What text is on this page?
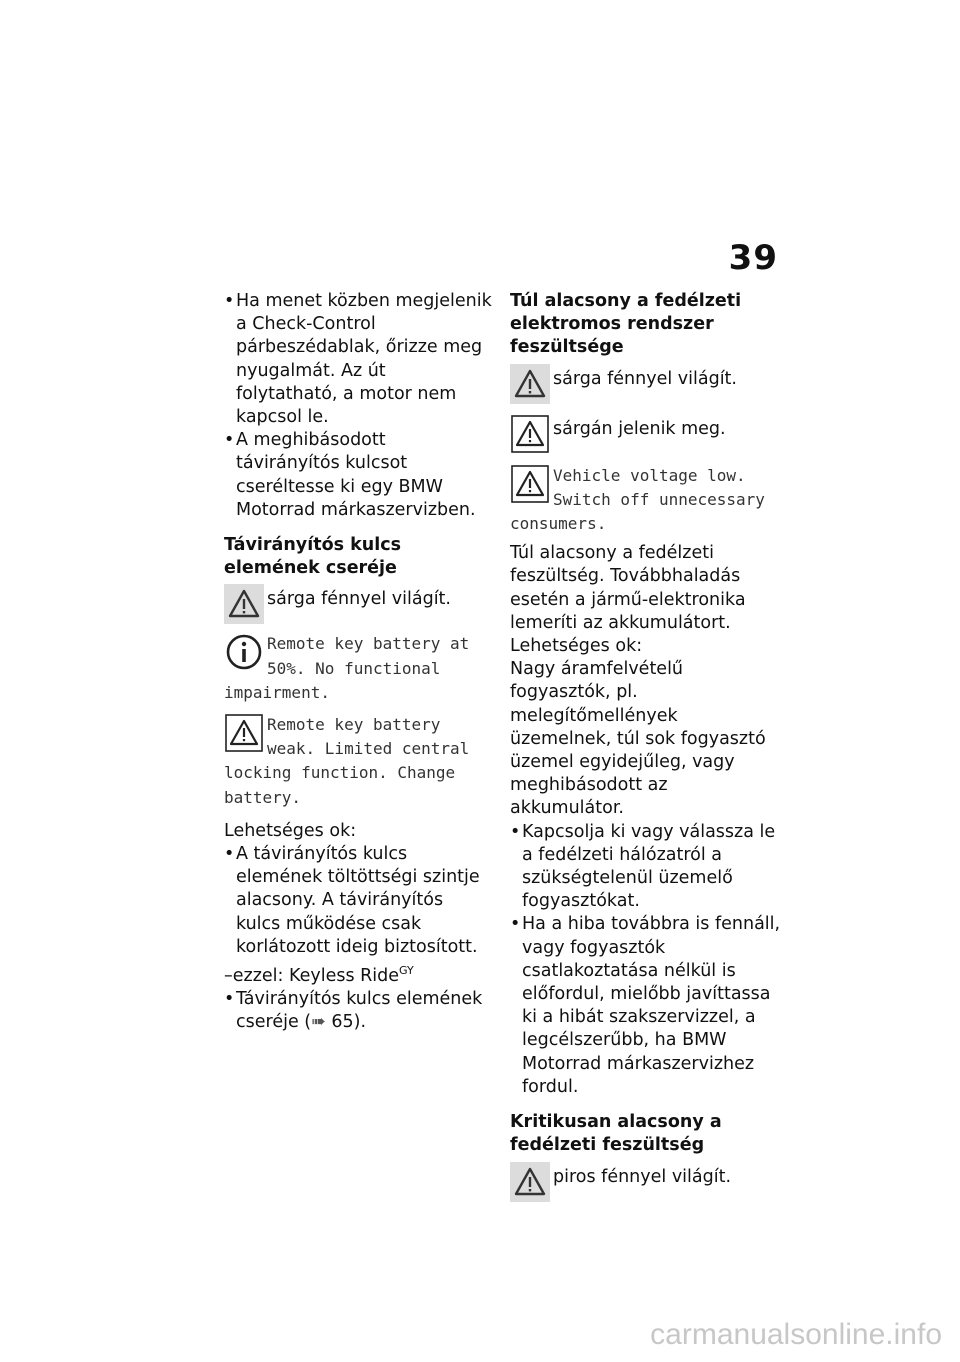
39

• Ha menet közben megjelenik a Check-Control párbeszédablak, őrizze meg nyugalmát. Az út folytatható, a motor nem kapcsol le.

• A meghibásodott távirányítós kulcsot cseréltesse ki egy BMW Motorrad márkaszervizben.

Távirányítós kulcs elemének cseréje

sárga fénnyel világít.
Remote key battery at 50%. No functional impairment.
Remote key battery weak. Limited central locking function. Change battery.

Lehetséges ok:

• A távirányítós kulcs elemének töltöttségi szintje alacsony. A távirányítós kulcs működése csak korlátozott ideig biztosított.

–ezzel: Keyless Ride$^{GY}$

• Távirányítós kulcs elemének cseréje (➠ 65).

Túl alacsony a fedélzeti elektromos rendszer feszültsége

sárga fénnyel világít.
sárgán jelenik meg.
Vehicle voltage low. Switch off unnecessary consumers.

Túl alacsony a fedélzeti feszültség. Továbbhaladás esetén a jármű-elektronika lemeríti az akkumulátort.

Lehetséges ok:

Nagy áramfelvételű fogyasztók, pl. melegítőmellények üzemelnek, túl sok fogyasztó üzemel egyidejűleg, vagy meghibásodott az akkumulátor.

• Kapcsolja ki vagy válassza le a fedélzeti hálózatról a szükségtelenül üzemelő fogyasztókat.

• Ha a hiba továbbra is fennáll, vagy fogyasztók csatlakoztatása nélkül is előfordul, mielőbb javíttassa ki a hibát szakszervizzel, a legcélszerűbb, ha BMW Motorrad márkaszervizhez fordul.

Kritikusan alacsony a fedélzeti feszültség

piros fénnyel világít.
carmanualsonline.info
